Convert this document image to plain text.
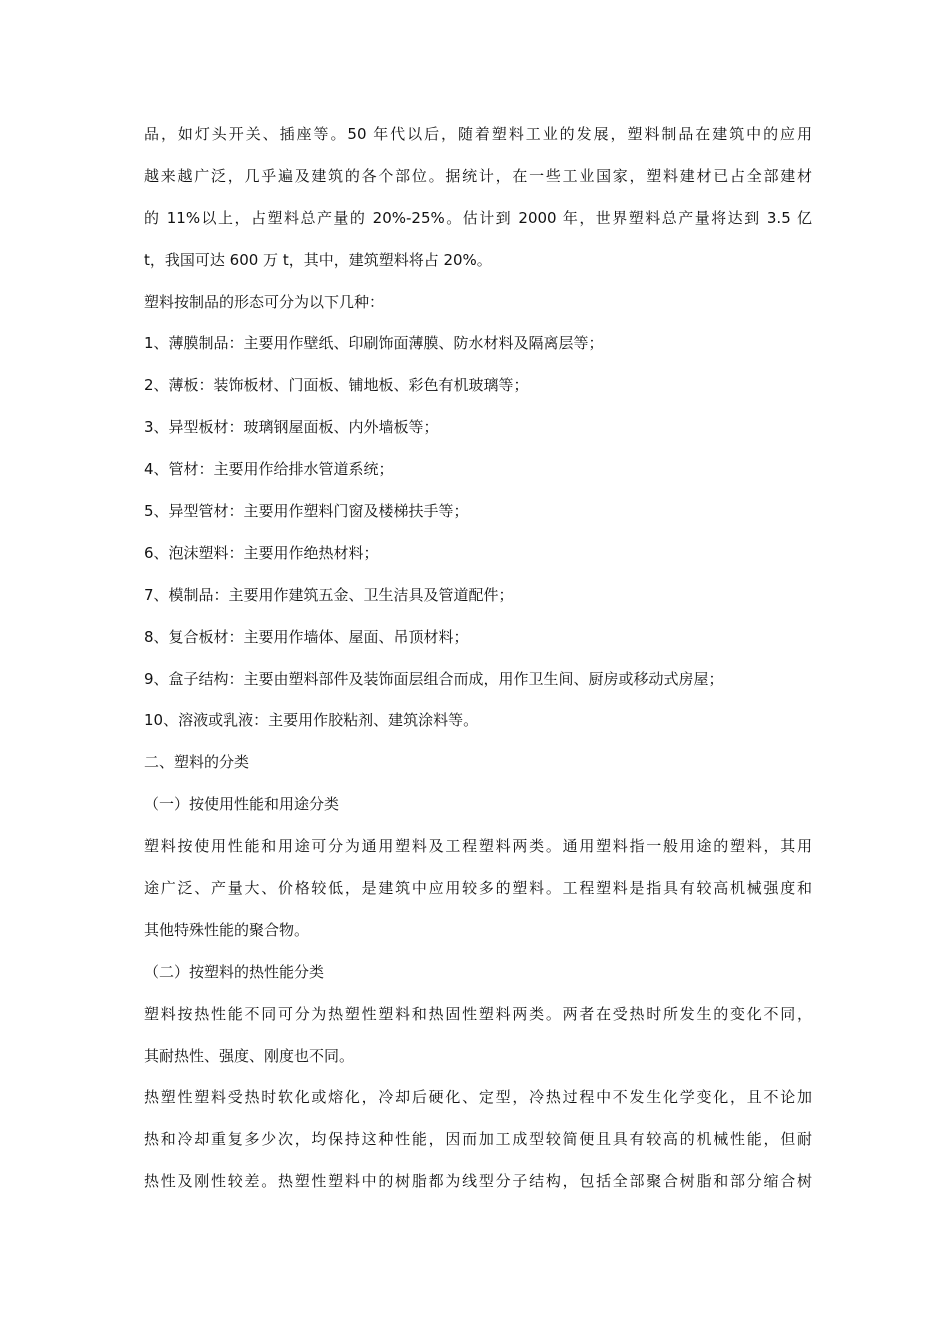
品，如灯头开关、插座等。50 年代以后，随着塑料工业的发展，塑料制品在建筑中的应用
越来越广泛，几乎遍及建筑的各个部位。据统计，在一些工业国家，塑料建材已占全部建材
的 11%以上，占塑料总产量的 20%-25%。估计到 2000 年，世界塑料总产量将达到 3.5 亿
t，我国可达 600 万 t，其中，建筑塑料将占 20%。
塑料按制品的形态可分为以下几种：
1、薄膜制品：主要用作壁纸、印刷饰面薄膜、防水材料及隔离层等；
2、薄板：装饰板材、门面板、铺地板、彩色有机玻璃等；
3、异型板材：玻璃钢屋面板、内外墙板等；
4、管材：主要用作给排水管道系统；
5、异型管材：主要用作塑料门窗及楼梯扶手等；
6、泡沫塑料：主要用作绝热材料；
7、模制品：主要用作建筑五金、卫生洁具及管道配件；
8、复合板材：主要用作墙体、屋面、吊顶材料；
9、盒子结构：主要由塑料部件及装饰面层组合而成，用作卫生间、厨房或移动式房屋；
10、溶液或乳液：主要用作胶粘剂、建筑涂料等。
二、塑料的分类
（一）按使用性能和用途分类
塑料按使用性能和用途可分为通用塑料及工程塑料两类。通用塑料指一般用途的塑料，其用
途广泛、产量大、价格较低，是建筑中应用较多的塑料。工程塑料是指具有较高机械强度和
其他特殊性能的聚合物。
（二）按塑料的热性能分类
塑料按热性能不同可分为热塑性塑料和热固性塑料两类。两者在受热时所发生的变化不同，
其耐热性、强度、刚度也不同。
热塑性塑料受热时软化或熔化，冷却后硬化、定型，冷热过程中不发生化学变化，且不论加
热和冷却重复多少次，均保持这种性能，因而加工成型较简便且具有较高的机械性能，但耐
热性及刚性较差。热塑性塑料中的树脂都为线型分子结构，包括全部聚合树脂和部分缩合树
